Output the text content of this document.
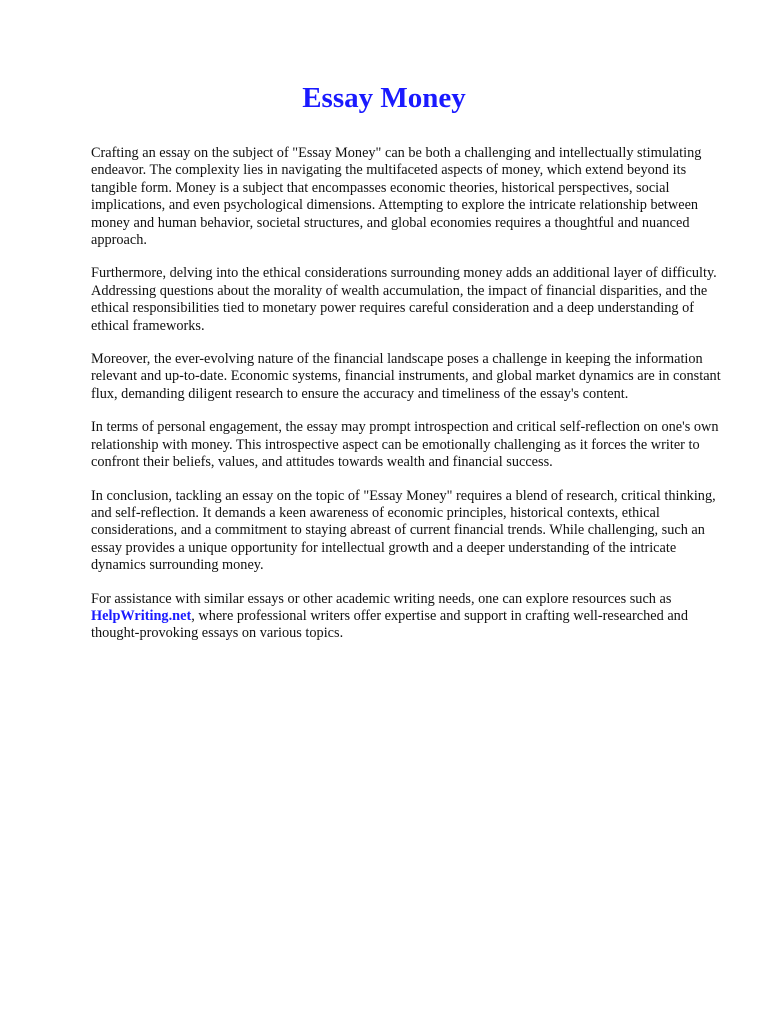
Essay Money

Crafting an essay on the subject of "Essay Money" can be both a challenging and intellectually stimulating endeavor. The complexity lies in navigating the multifaceted aspects of money, which extend beyond its tangible form. Money is a subject that encompasses economic theories, historical perspectives, social implications, and even psychological dimensions. Attempting to explore the intricate relationship between money and human behavior, societal structures, and global economies requires a thoughtful and nuanced approach.

Furthermore, delving into the ethical considerations surrounding money adds an additional layer of difficulty. Addressing questions about the morality of wealth accumulation, the impact of financial disparities, and the ethical responsibilities tied to monetary power requires careful consideration and a deep understanding of ethical frameworks.

Moreover, the ever-evolving nature of the financial landscape poses a challenge in keeping the information relevant and up-to-date. Economic systems, financial instruments, and global market dynamics are in constant flux, demanding diligent research to ensure the accuracy and timeliness of the essay's content.

In terms of personal engagement, the essay may prompt introspection and critical self-reflection on one's own relationship with money. This introspective aspect can be emotionally challenging as it forces the writer to confront their beliefs, values, and attitudes towards wealth and financial success.

In conclusion, tackling an essay on the topic of "Essay Money" requires a blend of research, critical thinking, and self-reflection. It demands a keen awareness of economic principles, historical contexts, ethical considerations, and a commitment to staying abreast of current financial trends. While challenging, such an essay provides a unique opportunity for intellectual growth and a deeper understanding of the intricate dynamics surrounding money.

For assistance with similar essays or other academic writing needs, one can explore resources such as HelpWriting.net, where professional writers offer expertise and support in crafting well-researched and thought-provoking essays on various topics.
